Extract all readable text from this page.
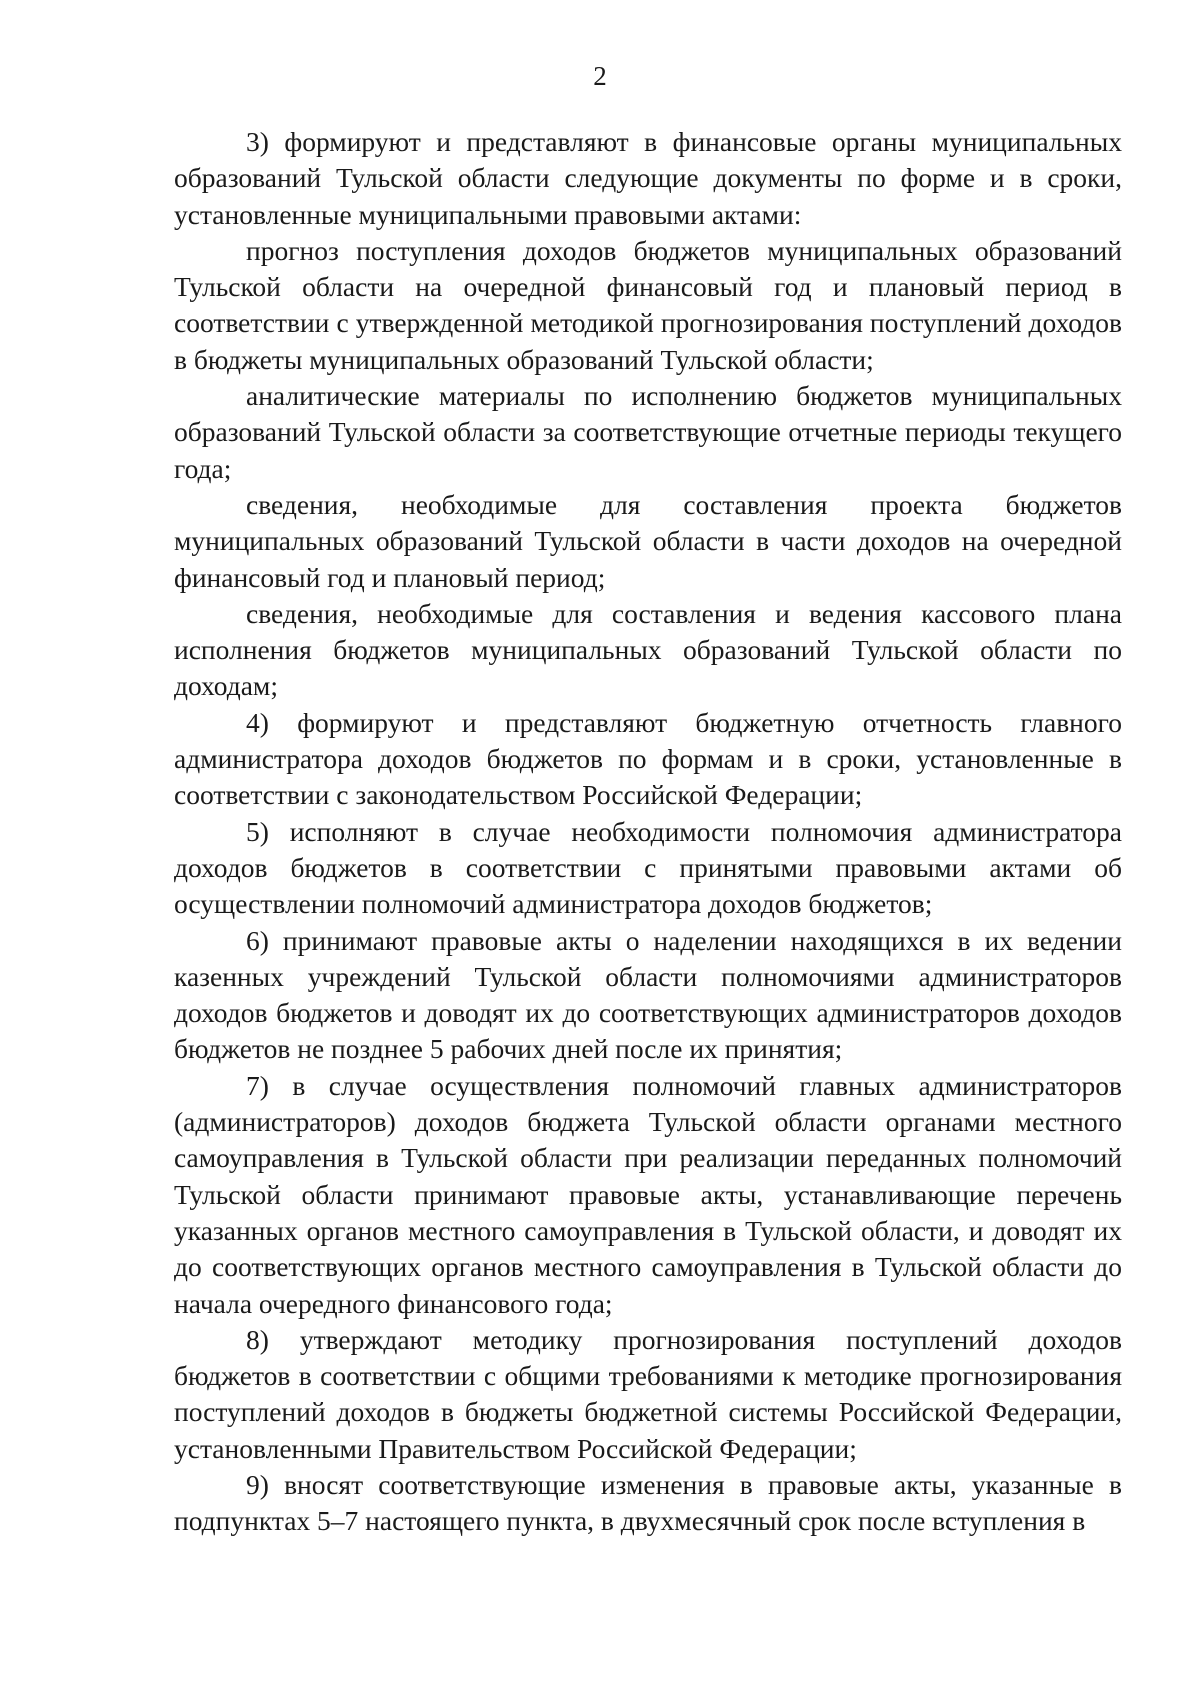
2

3) формируют и представляют в финансовые органы муниципальных образований Тульской области следующие документы по форме и в сроки, установленные муниципальными правовыми актами:

прогноз поступления доходов бюджетов муниципальных образований Тульской области на очередной финансовый год и плановый период в соответствии с утвержденной методикой прогнозирования поступлений доходов в бюджеты муниципальных образований Тульской области;

аналитические материалы по исполнению бюджетов муниципальных образований Тульской области за соответствующие отчетные периоды текущего года;

сведения, необходимые для составления проекта бюджетов муниципальных образований Тульской области в части доходов на очередной финансовый год и плановый период;

сведения, необходимые для составления и ведения кассового плана исполнения бюджетов муниципальных образований Тульской области по доходам;

4) формируют и представляют бюджетную отчетность главного администратора доходов бюджетов по формам и в сроки, установленные в соответствии с законодательством Российской Федерации;

5) исполняют в случае необходимости полномочия администратора доходов бюджетов в соответствии с принятыми правовыми актами об осуществлении полномочий администратора доходов бюджетов;

6) принимают правовые акты о наделении находящихся в их ведении казенных учреждений Тульской области полномочиями администраторов доходов бюджетов и доводят их до соответствующих администраторов доходов бюджетов не позднее 5 рабочих дней после их принятия;

7) в случае осуществления полномочий главных администраторов (администраторов) доходов бюджета Тульской области органами местного самоуправления в Тульской области при реализации переданных полномочий Тульской области принимают правовые акты, устанавливающие перечень указанных органов местного самоуправления в Тульской области, и доводят их до соответствующих органов местного самоуправления в Тульской области до начала очередного финансового года;

8) утверждают методику прогнозирования поступлений доходов бюджетов в соответствии с общими требованиями к методике прогнозирования поступлений доходов в бюджеты бюджетной системы Российской Федерации, установленными Правительством Российской Федерации;

9) вносят соответствующие изменения в правовые акты, указанные в подпунктах 5–7 настоящего пункта, в двухмесячный срок после вступления в
